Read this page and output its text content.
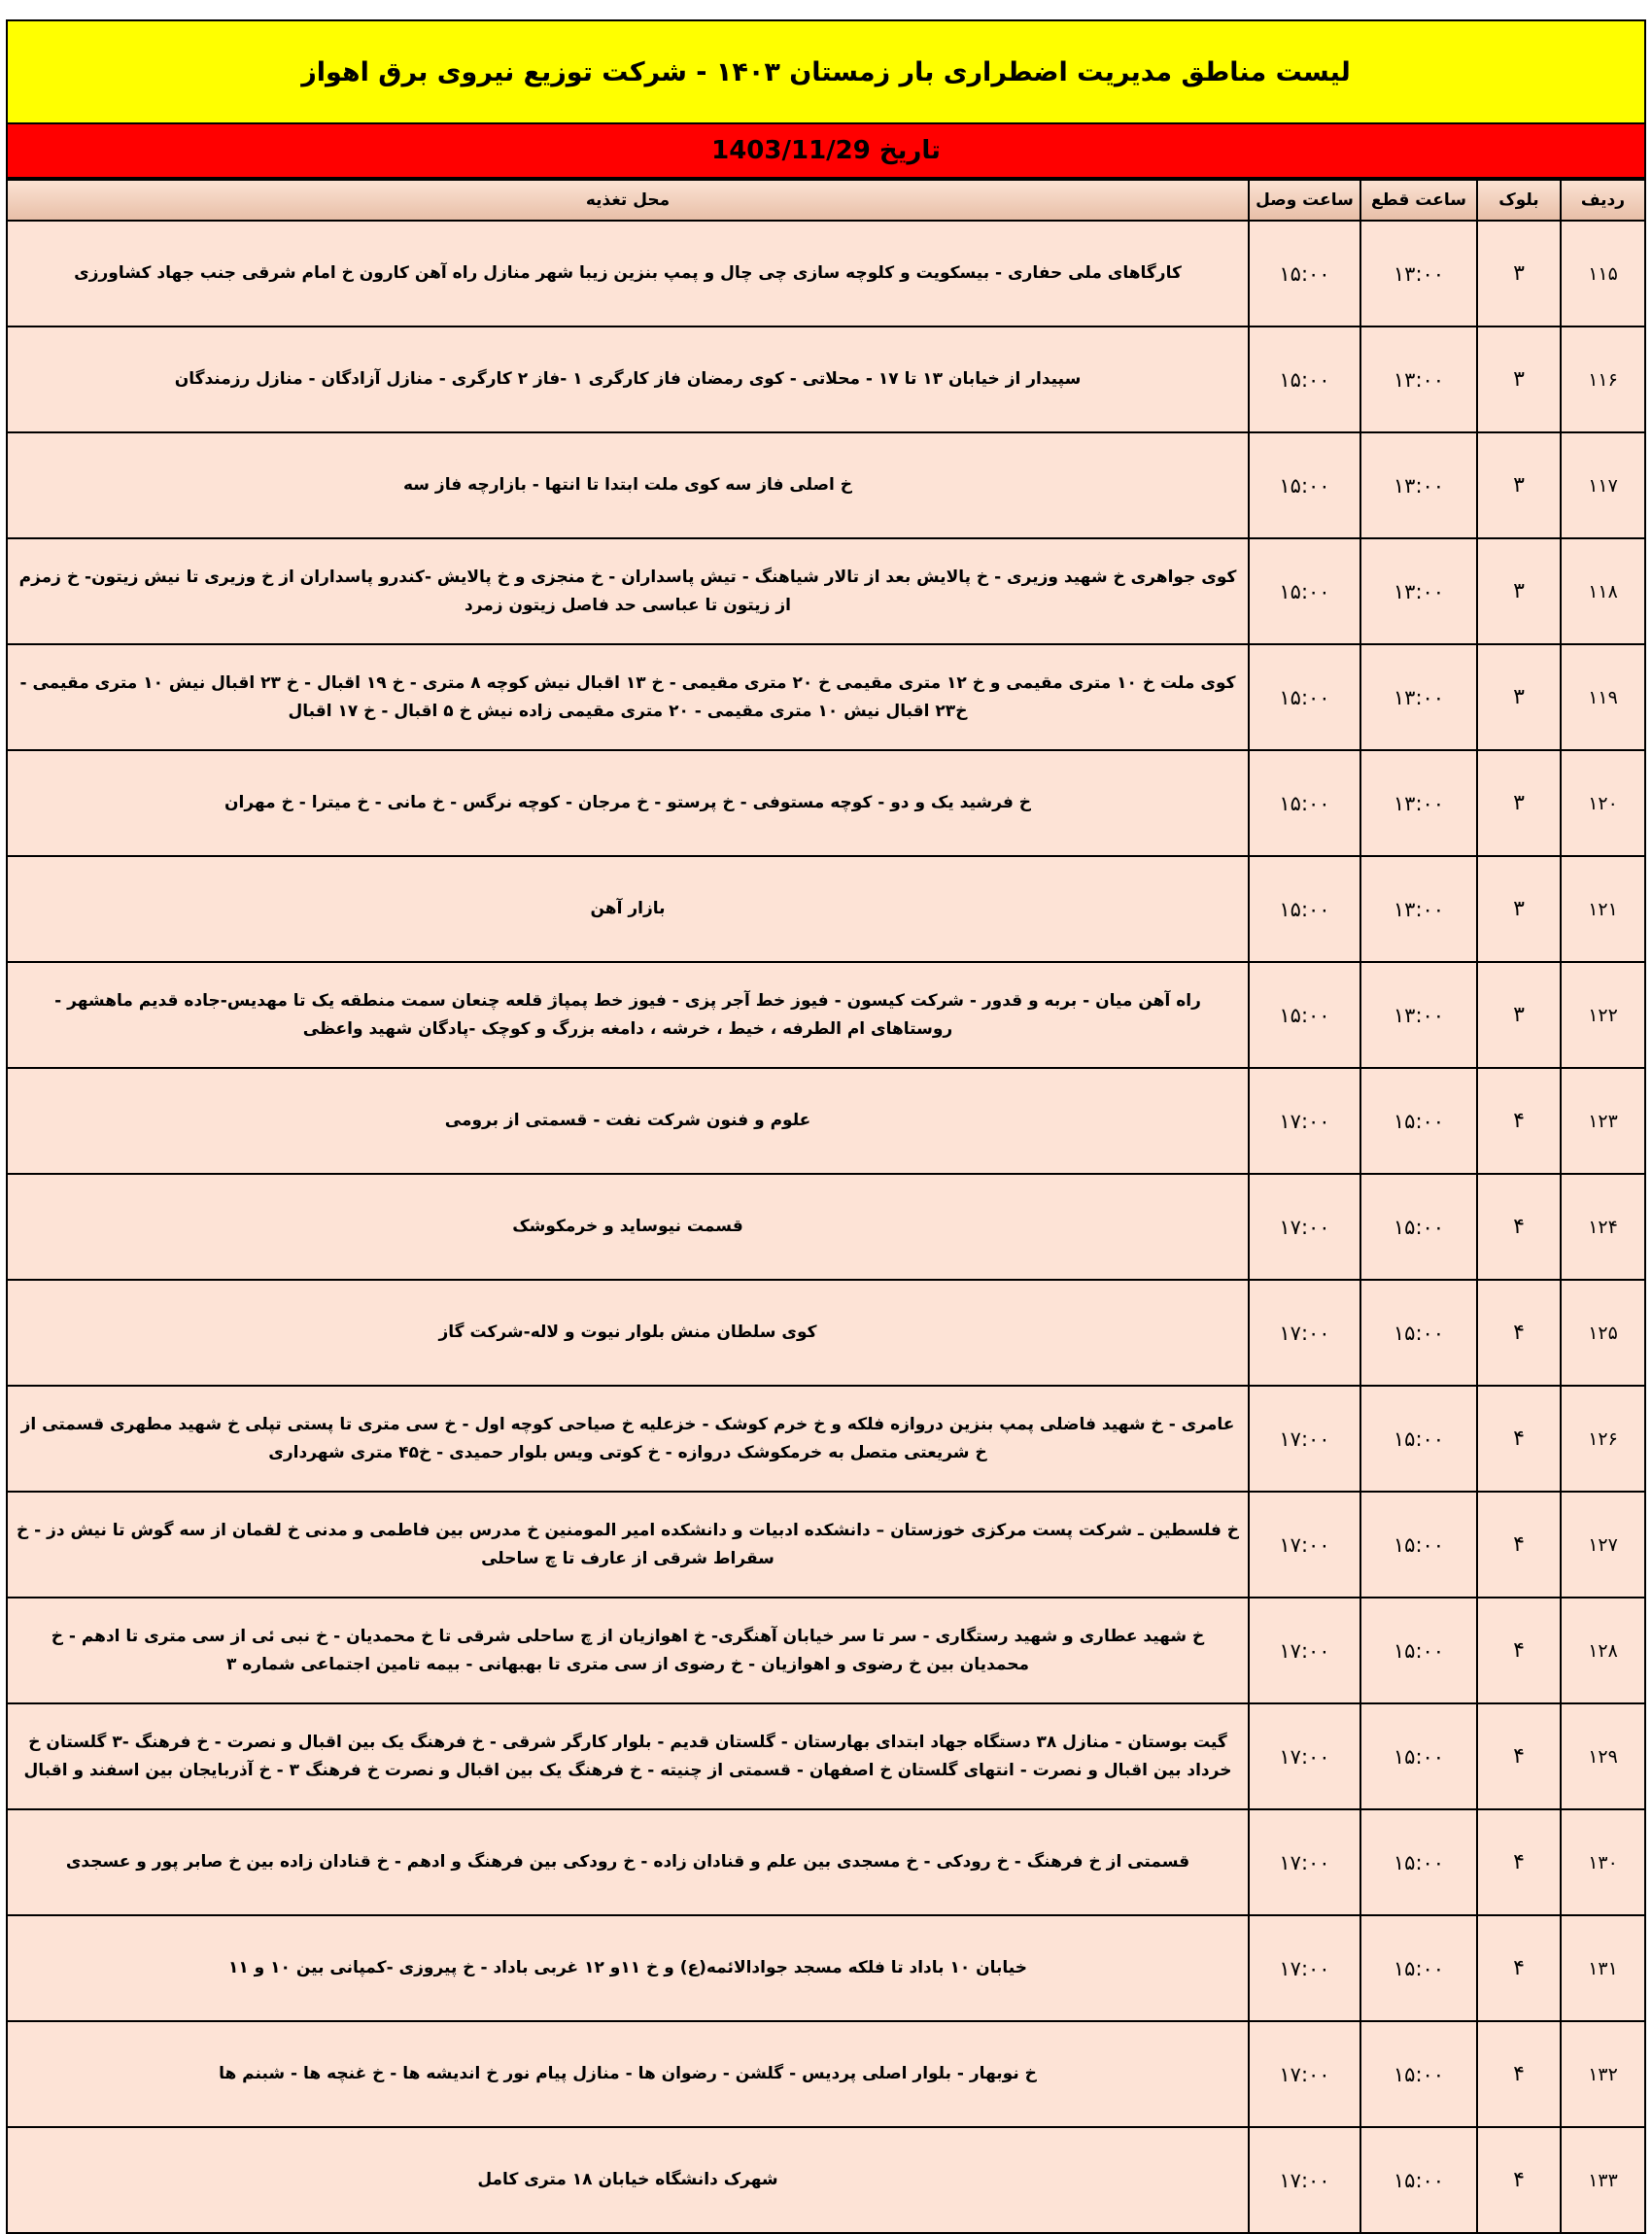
لیست مناطق مدیریت اضطراری بار زمستان ۱۴۰۳ - شرکت توزیع نیروی برق اهواز
تاریخ 1403/11/29
ردیف	بلوک	ساعت قطع	ساعت وصل	محل تغذیه
۱۱۵	۳	۱۳:۰۰	۱۵:۰۰	کارگاهای ملی حفاری - بیسکویت و کلوچه سازی چی چال و پمپ بنزین زیبا شهر منازل راه آهن کارون خ امام شرقی جنب جهاد کشاورزی
۱۱۶	۳	۱۳:۰۰	۱۵:۰۰	سپیدار از خیابان ۱۳ تا ۱۷ - محلاتی - کوی رمضان فاز کارگری ۱ -فاز ۲ کارگری - منازل آزادگان - منازل رزمندگان
۱۱۷	۳	۱۳:۰۰	۱۵:۰۰	خ اصلی فاز سه کوی ملت ابتدا تا انتها - بازارچه فاز سه
۱۱۸	۳	۱۳:۰۰	۱۵:۰۰	کوی جواهری خ شهید وزیری - خ پالایش بعد از تالار شیاهنگ - تیش پاسداران - خ منجزی و خ پالایش -کندرو پاسداران از خ وزیری تا نیش زیتون- خ زمزم از زیتون تا عباسی حد فاصل زیتون زمرد
۱۱۹	۳	۱۳:۰۰	۱۵:۰۰	کوی ملت خ ۱۰ متری مقیمی و خ ۱۲ متری مقیمی خ ۲۰ متری مقیمی - خ ۱۳ اقبال نیش کوچه ۸ متری - خ ۱۹ اقبال - خ ۲۳ اقبال نیش ۱۰ متری مقیمی - خ۲۳ اقبال نیش ۱۰ متری مقیمی - ۲۰ متری مقیمی زاده نیش خ ۵ اقبال - خ ۱۷ اقبال
۱۲۰	۳	۱۳:۰۰	۱۵:۰۰	خ فرشید یک و دو - کوچه مستوفی - خ پرستو - خ مرجان - کوچه نرگس - خ مانی - خ میترا - خ مهران
۱۲۱	۳	۱۳:۰۰	۱۵:۰۰	بازار آهن
۱۲۲	۳	۱۳:۰۰	۱۵:۰۰	راه آهن میان - بربه و قدور - شرکت کیسون - فیوز خط آجر پزی - فیوز خط پمپاژ قلعه چنعان سمت منطقه یک تا مهدیس-جاده قدیم ماهشهر - روستاهای ام الطرفه ، خیط ، خرشه ، دامغه بزرگ و کوچک -پادگان شهید واعظی
۱۲۳	۴	۱۵:۰۰	۱۷:۰۰	علوم و فنون شرکت نفت - قسمتی از برومی
۱۲۴	۴	۱۵:۰۰	۱۷:۰۰	قسمت نیوساید و خرمکوشک
۱۲۵	۴	۱۵:۰۰	۱۷:۰۰	کوی سلطان منش بلوار نیوت و لاله-شرکت گاز
۱۲۶	۴	۱۵:۰۰	۱۷:۰۰	عامری - خ شهید فاضلی پمپ بنزین دروازه فلکه و خ خرم کوشک - خزعلیه خ صیاحی کوچه اول - خ سی متری تا پستی تپلی خ شهید مطهری قسمتی از خ شریعتی متصل به خرمکوشک دروازه - خ کوتی ویس بلوار حمیدی - خ۴۵ متری شهرداری
۱۲۷	۴	۱۵:۰۰	۱۷:۰۰	خ فلسطین ـ شرکت پست مرکزی خوزستان – دانشکده ادبیات و دانشکده امیر المومنین خ مدرس بین فاطمی و مدنی خ لقمان از سه گوش تا نیش دز - خ سقراط شرقی از عارف تا چ ساحلی
۱۲۸	۴	۱۵:۰۰	۱۷:۰۰	خ شهید عطاری و شهید رستگاری - سر تا سر خیابان آهنگری- خ اهوازیان از چ ساحلی شرقی تا خ محمدیان - خ نبی ئی از سی متری تا ادهم - خ محمدیان بین خ رضوی و اهوازیان - خ رضوی از سی متری تا بهبهانی - بیمه تامین اجتماعی شماره ۳
۱۲۹	۴	۱۵:۰۰	۱۷:۰۰	گیت بوستان - منازل ۳۸ دستگاه جهاد ابتدای بهارستان - گلستان قدیم - بلوار کارگر شرقی - خ فرهنگ یک بین اقبال و نصرت - خ فرهنگ -۳ گلستان خ خرداد بین اقبال و نصرت - انتهای گلستان خ اصفهان - قسمتی از چنیته - خ فرهنگ یک بین اقبال و نصرت خ فرهنگ ۳ - خ آذربایجان بین اسفند و اقبال
۱۳۰	۴	۱۵:۰۰	۱۷:۰۰	قسمتی از خ فرهنگ - خ رودکی - خ مسجدی بین علم و قنادان زاده - خ رودکی بین فرهنگ و ادهم - خ قنادان زاده بین خ صابر پور و عسجدی
۱۳۱	۴	۱۵:۰۰	۱۷:۰۰	خیابان ۱۰ باداد تا فلکه مسجد جوادالائمه(ع) و خ ۱۱و ۱۲ غربی باداد - خ پیروزی -کمپانی بین ۱۰ و ۱۱
۱۳۲	۴	۱۵:۰۰	۱۷:۰۰	خ نوبهار - بلوار اصلی پردیس - گلشن - رضوان ها - منازل پیام نور خ اندیشه ها - خ غنچه ها - شبنم ها
۱۳۳	۴	۱۵:۰۰	۱۷:۰۰	شهرک دانشگاه خیابان ۱۸ متری کامل
